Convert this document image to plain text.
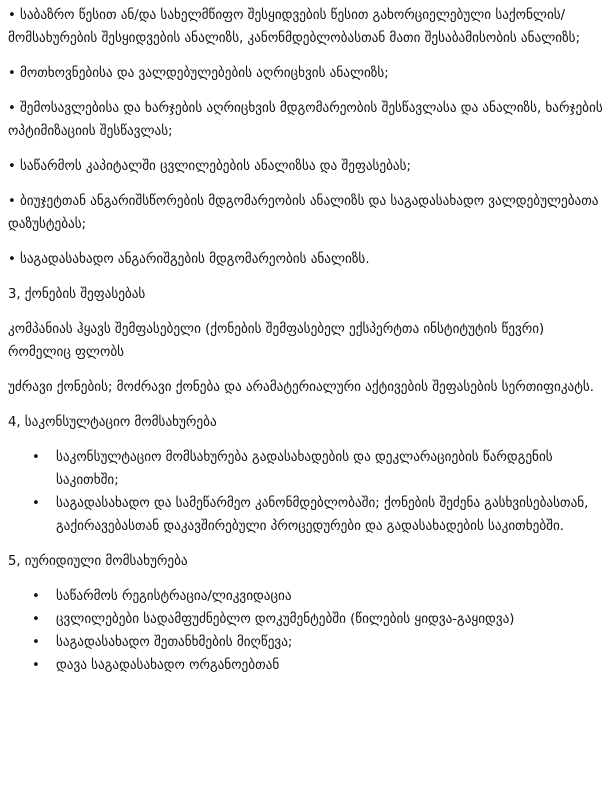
• საბაზრო წესით ან/და სახელმწიფო შესყიდვების წესით გახორციელებული საქონლის/მომსახურების შესყიდვების ანალიზს, კანონმდებლობასთან მათი შესაბამისობის ანალიზს;

• მოთხოვნებისა და ვალდებულებების აღრიცხვის ანალიზს;

• შემოსავლებისა და ხარჯების აღრიცხვის მდგომარეობის შესწავლასა და ანალიზს, ხარჯების ოპტიმიზაციის შესწავლას;

• საწარმოს კაპიტალში ცვლილებების ანალიზსა და შეფასებას;

• ბიუჯეტთან ანგარიშსწორების მდგომარეობის ანალიზს და საგადასახადო ვალდებულებათა დაზუსტებას;

• საგადასახადო ანგარიშგების მდგომარეობის ანალიზს.

3, ქონების შეფასებას

კომპანიას ჰყავს შემფასებელი (ქონების შემფასებელ ექსპერტთა ინსტიტუტის წევრი) რომელიც ფლობს

უძრავი ქონების; მოძრავი ქონება და არამატერიალური აქტივების შეფასების სერთიფიკატს.

4, საკონსულტაციო მომსახურება

• საკონსულტაციო მომსახურება გადასახადების და დეკლარაციების წარდგენის საკითხში;
• საგადასახადო და სამეწარმეო კანონმდებლობაში; ქონების შეძენა გასხვისებასთან, გაქირავებასთან დაკავშირებული პროცედურები და გადასახადების საკითხებში.

5, იურიდიული მომსახურება

• საწარმოს რეგისტრაცია/ლიკვიდაცია
• ცვლილებები სადამფუძნებლო დოკუმენტებში (წილების ყიდვა-გაყიდვა)
• საგადასახადო შეთანხმების მიღწევა;
• დავა საგადასახადო ორგანოებთან
